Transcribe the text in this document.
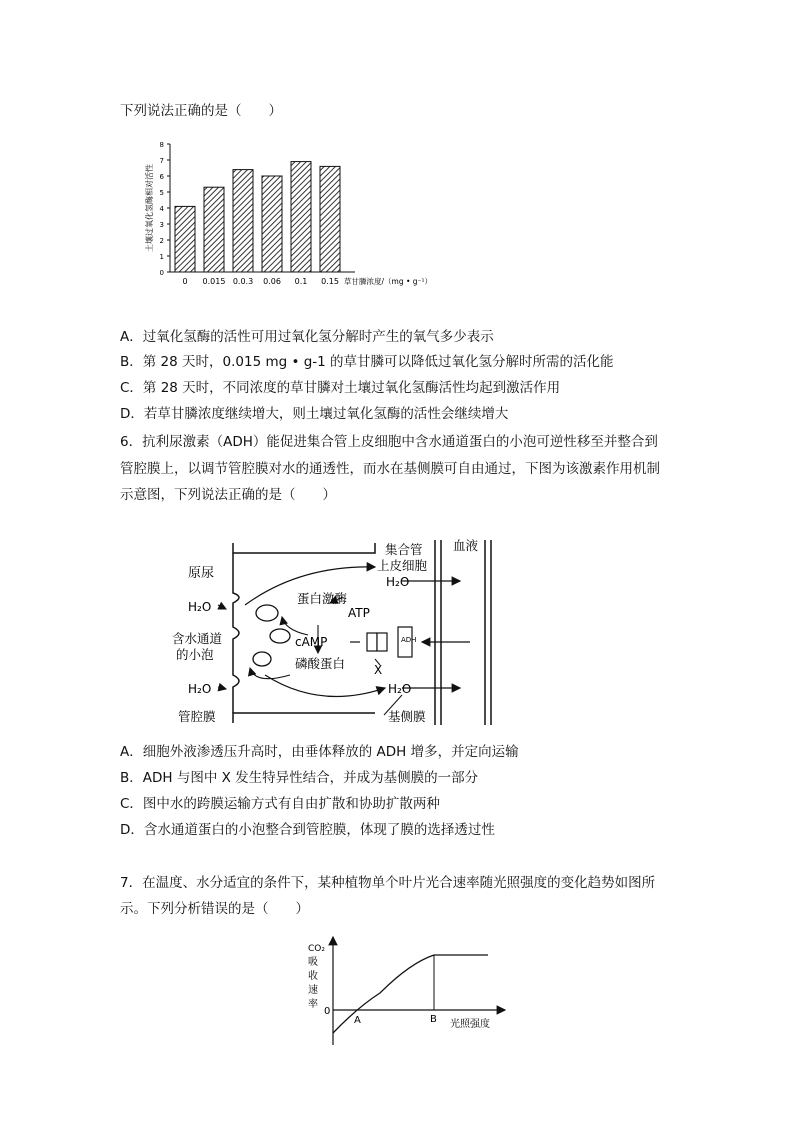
下列说法正确的是（　　）
0
1
2
3
4
5
6
7
8
0 0.015 0.0.3 0.06 0.1 0.15
土壤过氧化氢酶相对活性
草甘膦浓度/（mg • g⁻¹）
A．过氧化氢酶的活性可用过氧化氢分解时产生的氧气多少表示
B．第 28 天时，0.015 mg • g-1 的草甘膦可以降低过氧化氢分解时所需的活化能
C．第 28 天时，不同浓度的草甘膦对土壤过氧化氢酶活性均起到激活作用
D．若草甘膦浓度继续增大，则土壤过氧化氢酶的活性会继续增大
6．抗利尿激素（ADH）能促进集合管上皮细胞中含水通道蛋白的小泡可逆性移至并整合到
管腔膜上，以调节管腔膜对水的通透性，而水在基侧膜可自由通过，下图为该激素作用机制
示意图，下列说法正确的是（　　）
原尿
H₂O
含水通道
的小泡
H₂O
管腔膜
蛋白激酶
ATP
cAMP
磷酸蛋白 X
ADH
集合管
上皮细胞
H₂O
H₂O
血液
基侧膜
A．细胞外液渗透压升高时，由垂体释放的 ADH 增多，并定向运输
B．ADH 与图中 X 发生特异性结合，并成为基侧膜的一部分
C．图中水的跨膜运输方式有自由扩散和协助扩散两种
D．含水通道蛋白的小泡整合到管腔膜，体现了膜的选择透过性
7．在温度、水分适宜的条件下，某种植物单个叶片光合速率随光照强度的变化趋势如图所
示。下列分析错误的是（　　）
CO₂
吸
收
速
率
0
A	B 光照强度
